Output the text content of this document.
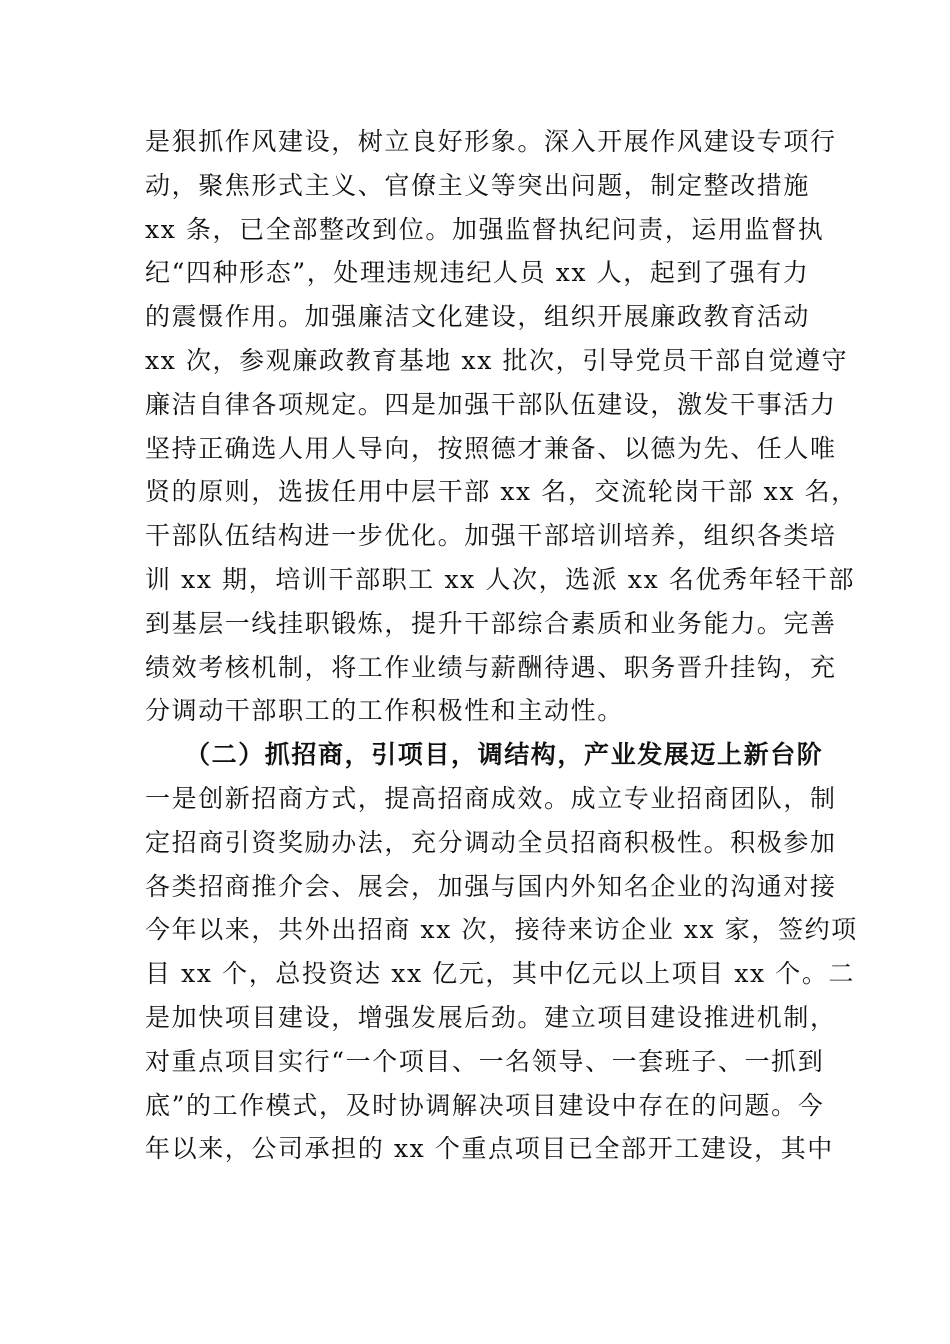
是狠抓作风建设，树立良好形象。深入开展作风建设专项行
动，聚焦形式主义、官僚主义等突出问题，制定整改措施
xx 条，已全部整改到位。加强监督执纪问责，运用监督执
纪“四种形态”，处理违规违纪人员 xx 人，起到了强有力
的震慑作用。加强廉洁文化建设，组织开展廉政教育活动
xx 次，参观廉政教育基地 xx 批次，引导党员干部自觉遵守
廉洁自律各项规定。四是加强干部队伍建设，激发干事活力
坚持正确选人用人导向，按照德才兼备、以德为先、任人唯
贤的原则，选拔任用中层干部 xx 名，交流轮岗干部 xx 名，
干部队伍结构进一步优化。加强干部培训培养，组织各类培
训 xx 期，培训干部职工 xx 人次，选派 xx 名优秀年轻干部
到基层一线挂职锻炼，提升干部综合素质和业务能力。完善
绩效考核机制，将工作业绩与薪酬待遇、职务晋升挂钩，充
分调动干部职工的工作积极性和主动性。
（二）抓招商，引项目，调结构，产业发展迈上新台阶
一是创新招商方式，提高招商成效。成立专业招商团队，制
定招商引资奖励办法，充分调动全员招商积极性。积极参加
各类招商推介会、展会，加强与国内外知名企业的沟通对接
今年以来，共外出招商 xx 次，接待来访企业 xx 家，签约项
目 xx 个，总投资达 xx 亿元，其中亿元以上项目 xx 个。二
是加快项目建设，增强发展后劲。建立项目建设推进机制，
对重点项目实行“一个项目、一名领导、一套班子、一抓到
底”的工作模式，及时协调解决项目建设中存在的问题。今
年以来，公司承担的 xx 个重点项目已全部开工建设，其中
